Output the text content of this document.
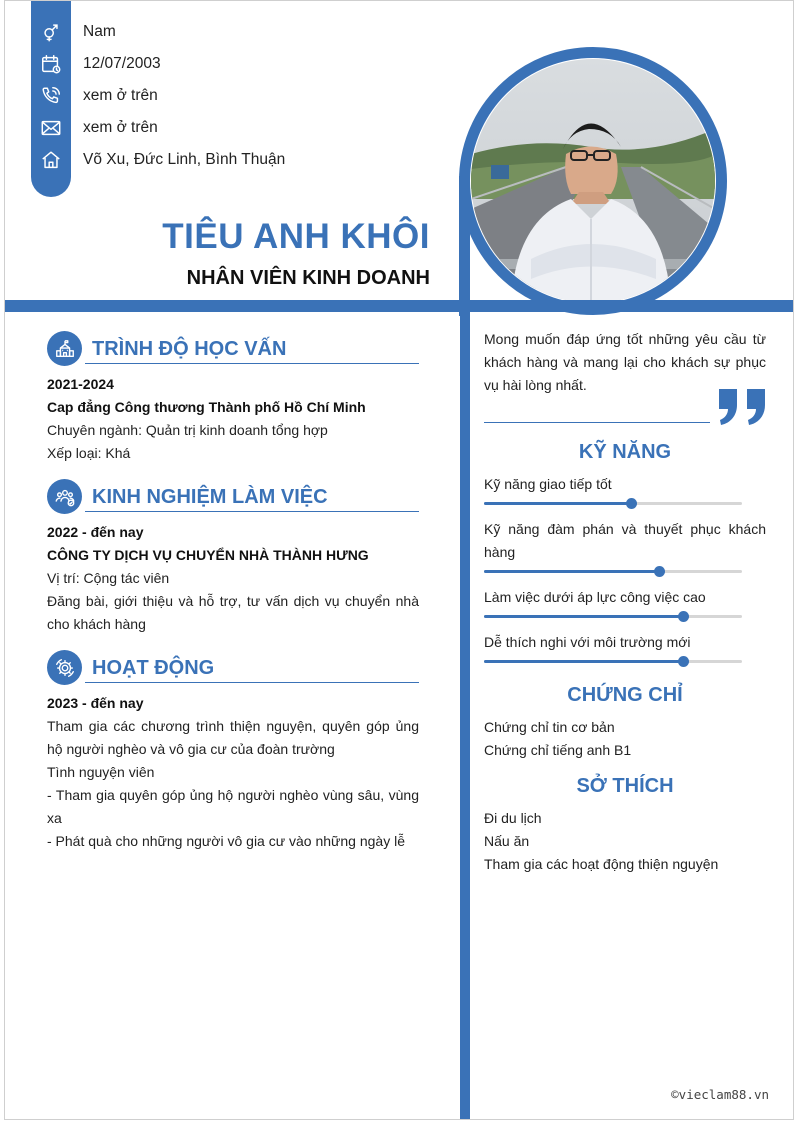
Nam
12/07/2003
xem ở trên
xem ở trên
Võ Xu, Đức Linh, Bình Thuận
TIÊU ANH KHÔI
NHÂN VIÊN KINH DOANH
TRÌNH ĐỘ HỌC VẤN
2021-2024
Cap đẳng Công thương Thành phố Hồ Chí Minh
Chuyên ngành: Quản trị kinh doanh tổng hợp
Xếp loại: Khá
KINH NGHIỆM LÀM VIỆC
2022 - đến nay
CÔNG TY DỊCH VỤ CHUYỂN NHÀ THÀNH HƯNG
Vị trí: Cộng tác viên
Đăng bài, giới thiệu và hỗ trợ, tư vấn dịch vụ chuyển nhà cho khách hàng
HOẠT ĐỘNG
2023 - đến nay
Tham gia các chương trình thiện nguyện, quyên góp ủng hộ người nghèo và vô gia cư của đoàn trường
Tình nguyện viên
- Tham gia quyên góp ủng hộ người nghèo vùng sâu, vùng xa
- Phát quà cho những người vô gia cư vào những ngày lễ
Mong muốn đáp ứng tốt những yêu cầu từ khách hàng và mang lại cho khách sự phục vụ hài lòng nhất.
KỸ NĂNG
Kỹ năng giao tiếp tốt
Kỹ năng đàm phán và thuyết phục khách hàng
Làm việc dưới áp lực công việc cao
Dễ thích nghi với môi trường mới
CHỨNG CHỈ
Chứng chỉ tin cơ bản
Chứng chỉ tiếng anh B1
SỞ THÍCH
Đi du lịch
Nấu ăn
Tham gia các hoạt động thiện nguyện
©vieclam88.vn
